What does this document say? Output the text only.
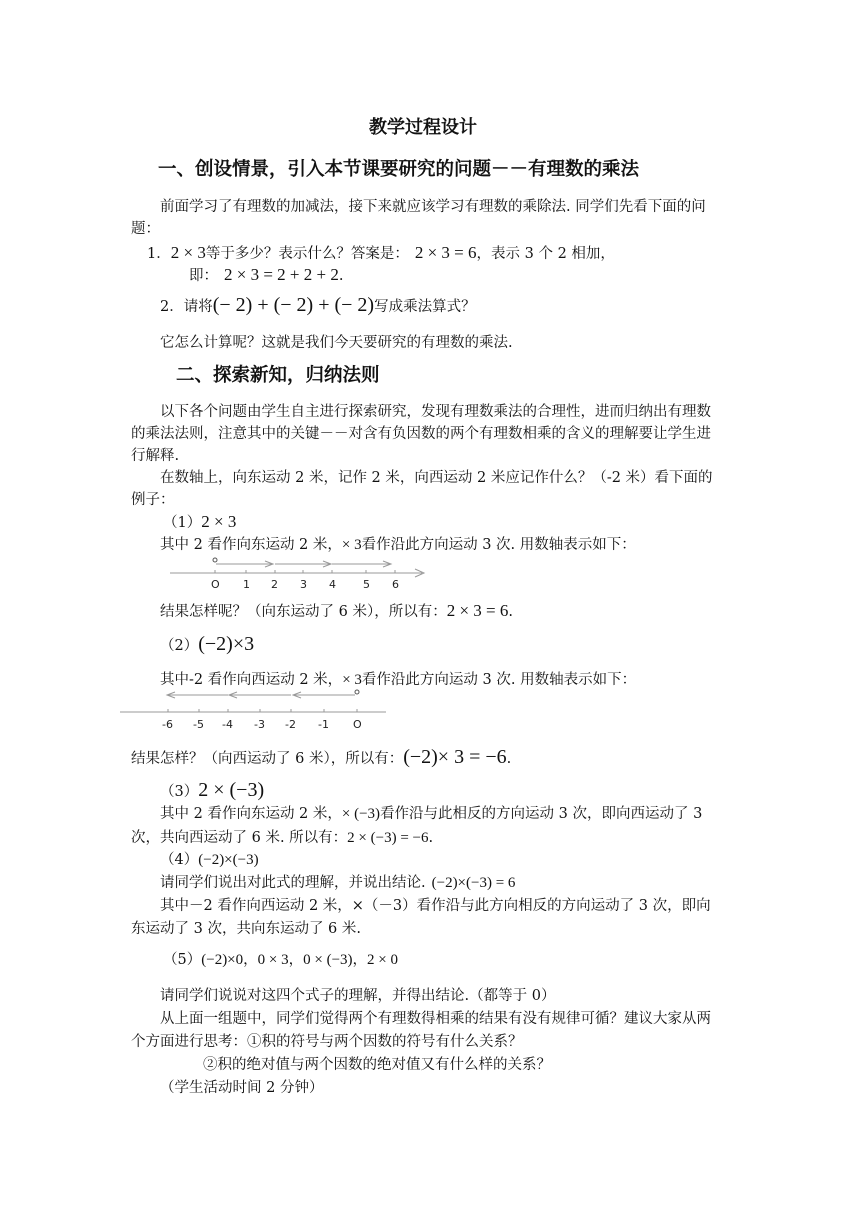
教学过程设计
一、创设情景，引入本节课要研究的问题－－有理数的乘法
前面学习了有理数的加减法，接下来就应该学习有理数的乘除法. 同学们先看下面的问
题：
1．2 × 3等于多少？表示什么？答案是： 2 × 3 = 6，表示 3 个 2 相加，
即： 2 × 3 = 2 + 2 + 2.
2．请将(− 2) + (− 2) + (− 2)写成乘法算式？
它怎么计算呢？这就是我们今天要研究的有理数的乘法.
二、探索新知，归纳法则
以下各个问题由学生自主进行探索研究，发现有理数乘法的合理性，进而归纳出有理数
的乘法法则，注意其中的关键－－对含有负因数的两个有理数相乘的含义的理解要让学生进
行解释.
在数轴上，向东运动 2 米，记作 2 米，向西运动 2 米应记作什么？（-2 米）看下面的
例子：
（1）2 × 3
其中 2 看作向东运动 2 米，× 3看作沿此方向运动 3 次. 用数轴表示如下：
O 1 2 3 4 5 6
结果怎样呢？（向东运动了 6 米），所以有：2 × 3 = 6.
（2）(−2)×3
其中-2 看作向西运动 2 米，× 3看作沿此方向运动 3 次. 用数轴表示如下：
-6 -5 -4 -3 -2 -1 O
结果怎样？（向西运动了 6 米），所以有：(−2)× 3 = −6.
（3）2 × (−3)
其中 2 看作向东运动 2 米，× (−3)看作沿与此相反的方向运动 3 次，即向西运动了 3
次，共向西运动了 6 米. 所以有：2 × (−3) = −6.
（4）(−2)×(−3)
请同学们说出对此式的理解，并说出结论. (−2)×(−3) = 6
其中－2 看作向西运动 2 米，×（－3）看作沿与此方向相反的方向运动了 3 次，即向
东运动了 3 次，共向东运动了 6 米.
（5）(−2)×0，0 × 3，0 × (−3)，2 × 0
请同学们说说对这四个式子的理解，并得出结论.（都等于 0）
从上面一组题中，同学们觉得两个有理数得相乘的结果有没有规律可循？建议大家从两
个方面进行思考：①积的符号与两个因数的符号有什么关系？
②积的绝对值与两个因数的绝对值又有什么样的关系？
（学生活动时间 2 分钟）
